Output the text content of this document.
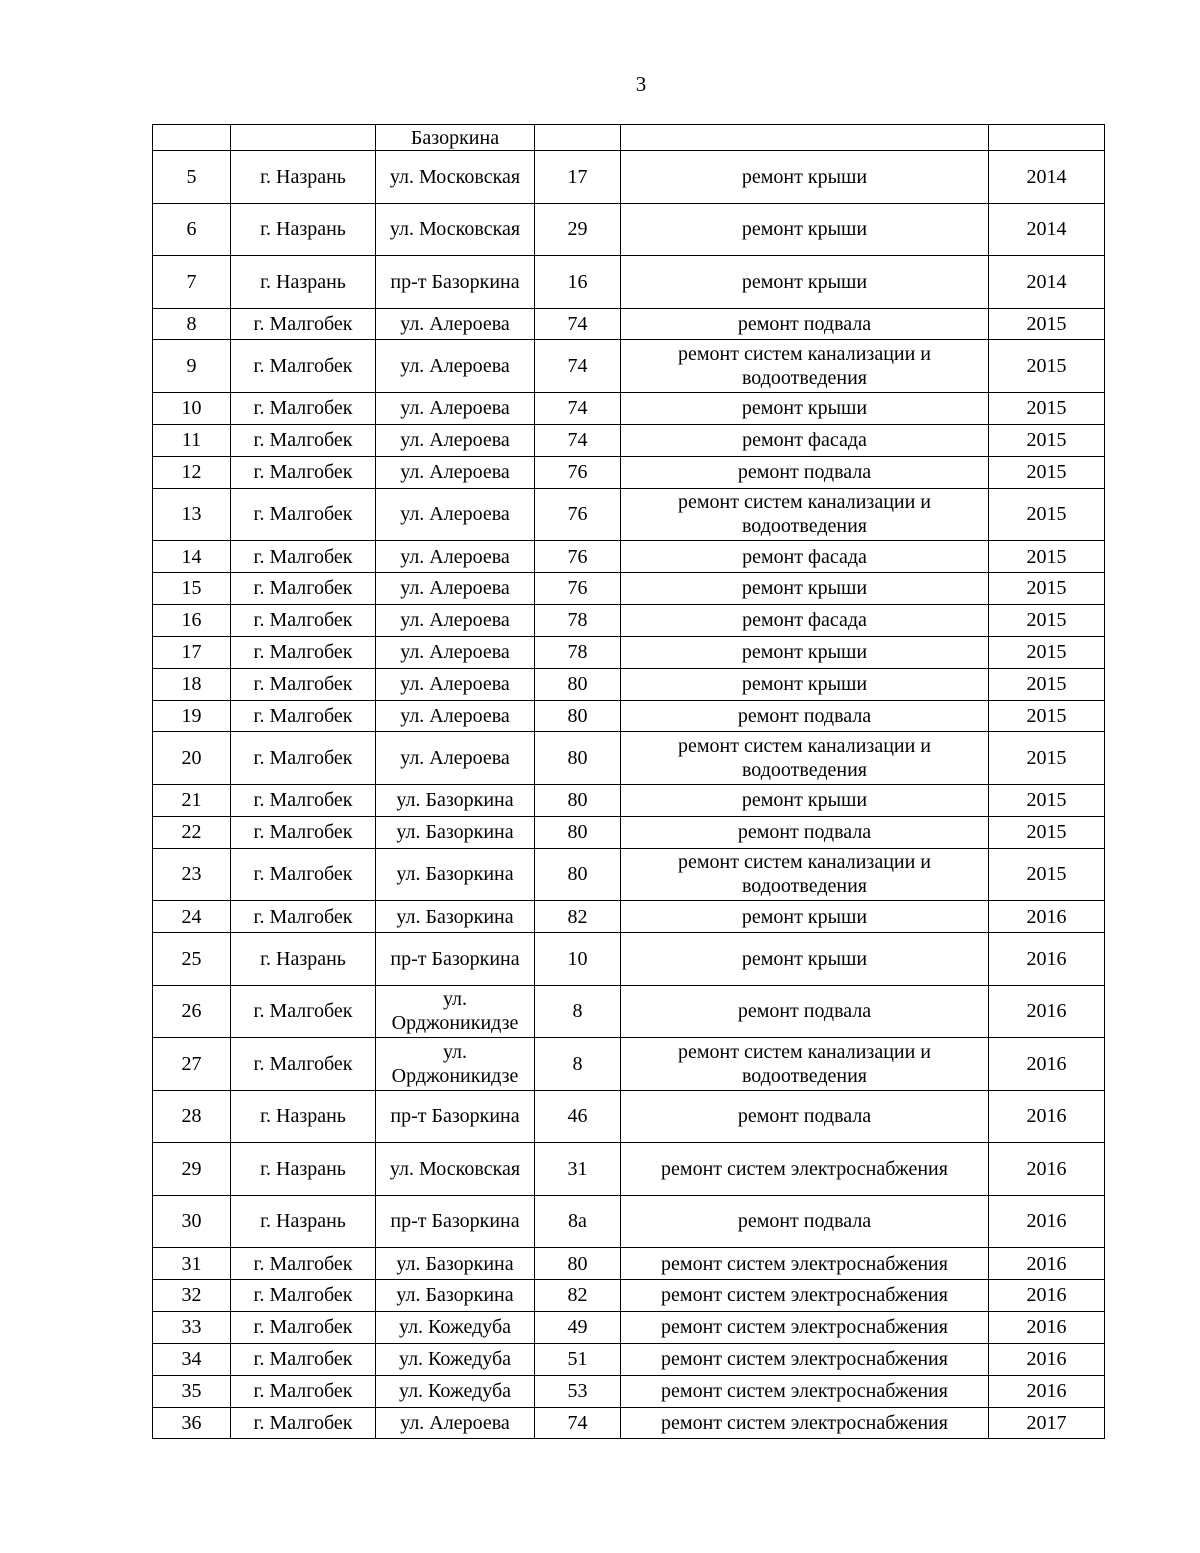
3
		Базоркина			
5	г. Назрань	ул. Московская	17	ремонт крыши	2014
6	г. Назрань	ул. Московская	29	ремонт крыши	2014
7	г. Назрань	пр-т Базоркина	16	ремонт крыши	2014
8	г. Малгобек	ул. Алероева	74	ремонт подвала	2015
9	г. Малгобек	ул. Алероева	74	ремонт систем канализации и водоотведения	2015
10	г. Малгобек	ул. Алероева	74	ремонт крыши	2015
11	г. Малгобек	ул. Алероева	74	ремонт фасада	2015
12	г. Малгобек	ул. Алероева	76	ремонт подвала	2015
13	г. Малгобек	ул. Алероева	76	ремонт систем канализации и водоотведения	2015
14	г. Малгобек	ул. Алероева	76	ремонт фасада	2015
15	г. Малгобек	ул. Алероева	76	ремонт крыши	2015
16	г. Малгобек	ул. Алероева	78	ремонт фасада	2015
17	г. Малгобек	ул. Алероева	78	ремонт крыши	2015
18	г. Малгобек	ул. Алероева	80	ремонт крыши	2015
19	г. Малгобек	ул. Алероева	80	ремонт подвала	2015
20	г. Малгобек	ул. Алероева	80	ремонт систем канализации и водоотведения	2015
21	г. Малгобек	ул. Базоркина	80	ремонт крыши	2015
22	г. Малгобек	ул. Базоркина	80	ремонт подвала	2015
23	г. Малгобек	ул. Базоркина	80	ремонт систем канализации и водоотведения	2015
24	г. Малгобек	ул. Базоркина	82	ремонт крыши	2016
25	г. Назрань	пр-т Базоркина	10	ремонт крыши	2016
26	г. Малгобек	ул. Орджоникидзе	8	ремонт подвала	2016
27	г. Малгобек	ул. Орджоникидзе	8	ремонт систем канализации и водоотведения	2016
28	г. Назрань	пр-т Базоркина	46	ремонт подвала	2016
29	г. Назрань	ул. Московская	31	ремонт систем электроснабжения	2016
30	г. Назрань	пр-т Базоркина	8а	ремонт подвала	2016
31	г. Малгобек	ул. Базоркина	80	ремонт систем электроснабжения	2016
32	г. Малгобек	ул. Базоркина	82	ремонт систем электроснабжения	2016
33	г. Малгобек	ул. Кожедуба	49	ремонт систем электроснабжения	2016
34	г. Малгобек	ул. Кожедуба	51	ремонт систем электроснабжения	2016
35	г. Малгобек	ул. Кожедуба	53	ремонт систем электроснабжения	2016
36	г. Малгобек	ул. Алероева	74	ремонт систем электроснабжения	2017
